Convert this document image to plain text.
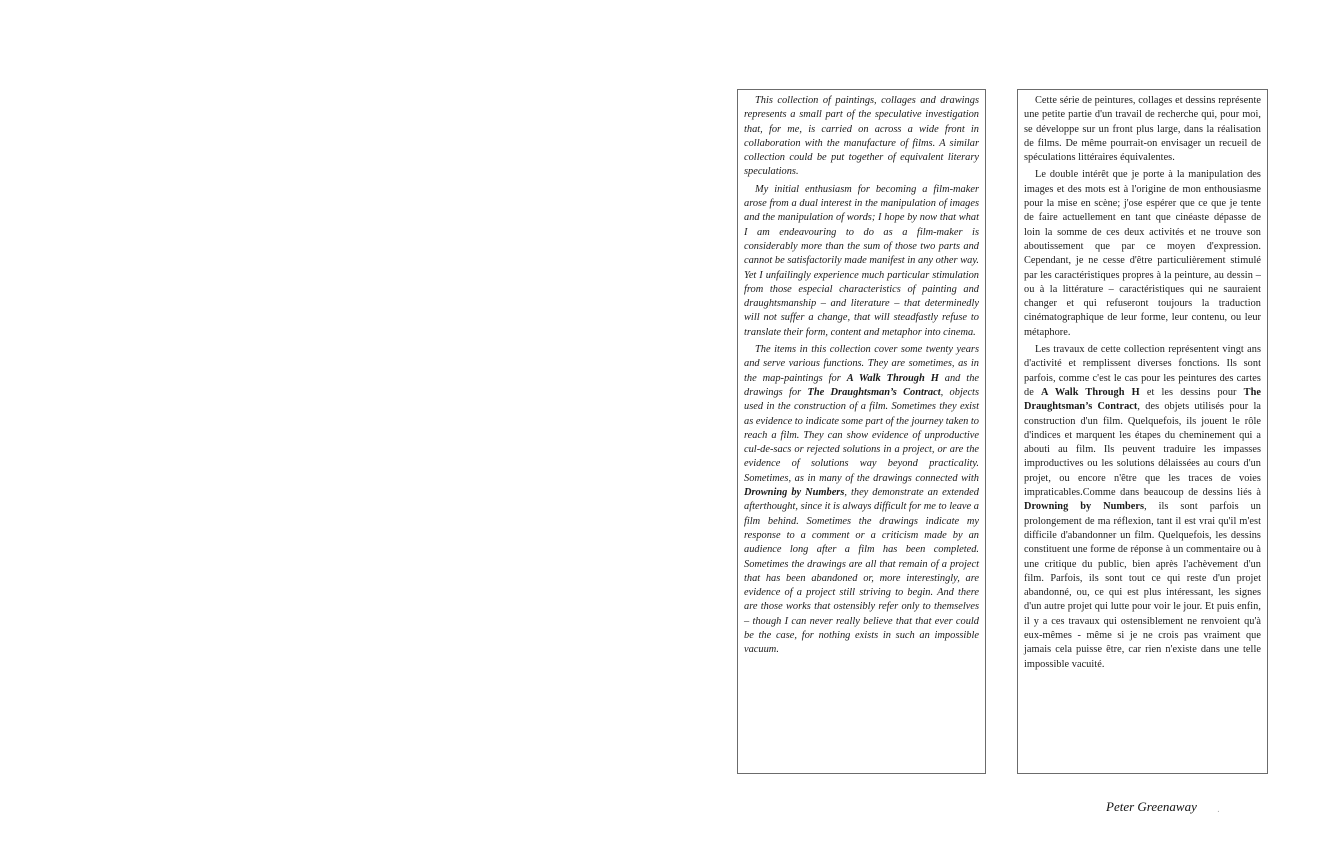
This collection of paintings, collages and drawings represents a small part of the speculative investigation that, for me, is carried on across a wide front in collaboration with the manufacture of films. A similar collection could be put together of equivalent literary speculations.

My initial enthusiasm for becoming a film-maker arose from a dual interest in the manipulation of images and the manipulation of words; I hope by now that what I am endeavouring to do as a film-maker is considerably more than the sum of those two parts and cannot be satisfactorily made manifest in any other way. Yet I unfailingly experience much particular stimulation from those especial characteristics of painting and draughtsmanship – and literature – that determinedly will not suffer a change, that will steadfastly refuse to translate their form, content and metaphor into cinema.

The items in this collection cover some twenty years and serve various functions. They are sometimes, as in the map-paintings for A Walk Through H and the drawings for The Draughtsman’s Contract, objects used in the construction of a film. Sometimes they exist as evidence to indicate some part of the journey taken to reach a film. They can show evidence of unproductive cul-de-sacs or rejected solutions in a project, or are the evidence of solutions way beyond practicality. Sometimes, as in many of the drawings connected with Drowning by Numbers, they demonstrate an extended afterthought, since it is always difficult for me to leave a film behind. Sometimes the drawings indicate my response to a comment or a criticism made by an audience long after a film has been completed. Sometimes the drawings are all that remain of a project that has been abandoned or, more interestingly, are evidence of a project still striving to begin. And there are those works that ostensibly refer only to themselves – though I can never really believe that that ever could be the case, for nothing exists in such an impossible vacuum.

Cette série de peintures, collages et dessins représente une petite partie d'un travail de recherche qui, pour moi, se développe sur un front plus large, dans la réalisation de films. De même pourrait-on envisager un recueil de spéculations littéraires équivalentes.

Le double intérêt que je porte à la manipulation des images et des mots est à l'origine de mon enthousiasme pour la mise en scène; j'ose espérer que ce que je tente de faire actuellement en tant que cinéaste dépasse de loin la somme de ces deux activités et ne trouve son aboutissement que par ce moyen d'expression. Cependant, je ne cesse d'être particulièrement stimulé par les caractéristiques propres à la peinture, au dessin – ou à la littérature – caractéristiques qui ne sauraient changer et qui refuseront toujours la traduction cinématographique de leur forme, leur contenu, ou leur métaphore.

Les travaux de cette collection représentent vingt ans d'activité et remplissent diverses fonctions. Ils sont parfois, comme c'est le cas pour les peintures des cartes de A Walk Through H et les dessins pour The Draughtsman’s Contract, des objets utilisés pour la construction d'un film. Quelquefois, ils jouent le rôle d'indices et marquent les étapes du cheminement qui a abouti au film. Ils peuvent traduire les impasses improductives ou les solutions délaissées au cours d'un projet, ou encore n'être que les traces de voies impraticables.Comme dans beaucoup de dessins liés à Drowning by Numbers, ils sont parfois un prolongement de ma réflexion, tant il est vrai qu'il m'est difficile d'abandonner un film. Quelquefois, les dessins constituent une forme de réponse à un commentaire ou à une critique du public, bien après l'achèvement d'un film. Parfois, ils sont tout ce qui reste d'un projet abandonné, ou, ce qui est plus intéressant, les signes d'un autre projet qui lutte pour voir le jour. Et puis enfin, il y a ces travaux qui ostensiblement ne renvoient qu'à eux-mêmes - même si je ne crois pas vraiment que jamais cela puisse être, car rien n'existe dans une telle impossible vacuité.

Peter Greenaway .
